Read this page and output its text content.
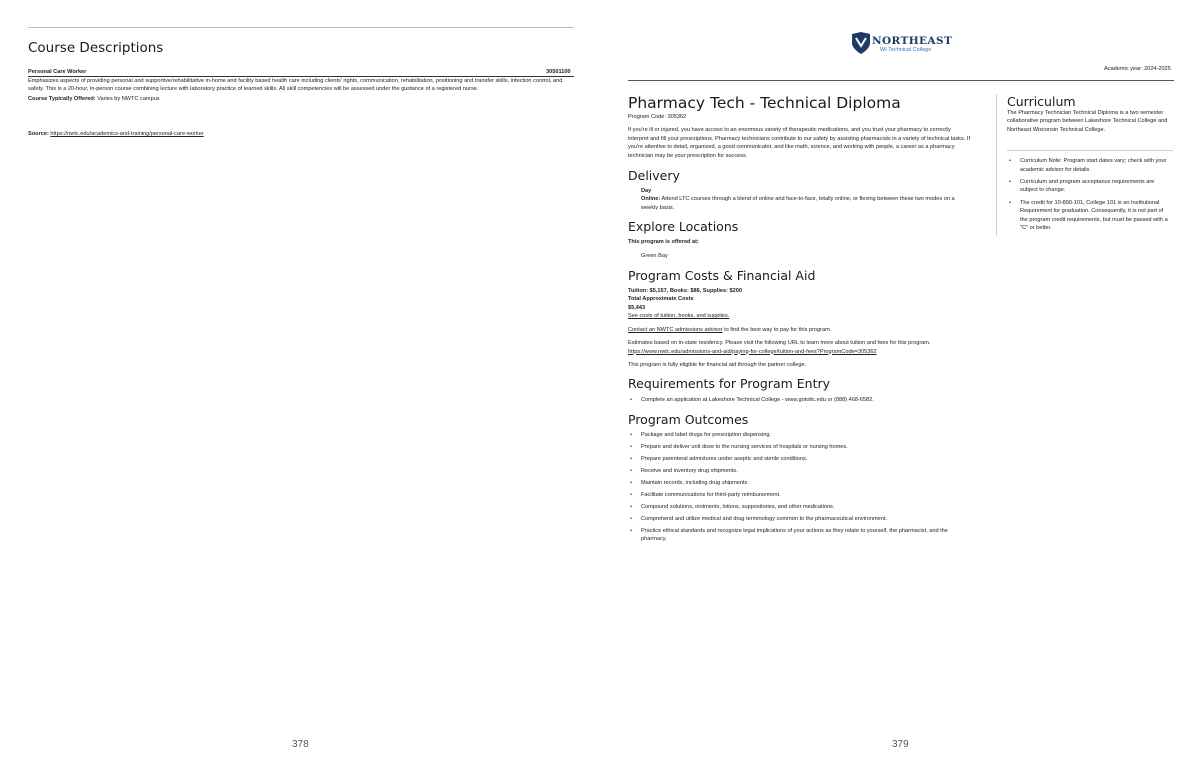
Course Descriptions
Personal Care Worker	30501100
Emphasizes aspects of providing personal and supportive/rehabilitative in-home and facility based health care including clients' rights, communication, rehabilitation, positioning and transfer skills, infection control, and safety. This is a 20-hour, in-person course combining lecture with laboratory practice of learned skills. All skill competencies will be assessed under the guidance of a registered nurse.
Course Typically Offered: Varies by NWTC campus
Source: https://nwtc.edu/academics-and-training/personal-care-worker
378
NORTHEAST
WI Technical College
Academic year: 2024-2025
Pharmacy Tech - Technical Diploma
Program Code: 305362
If you're ill or injured, you have access to an enormous variety of therapeutic medications, and you trust your pharmacy to correctly interpret and fill your prescriptions. Pharmacy technicians contribute to our safety by assisting pharmacists in a variety of technical tasks. If you're attentive to detail, organized, a good communicator, and like math, science, and working with people, a career as a pharmacy technician may be your prescription for success.
Delivery
Day
Online: Attend LTC courses through a blend of online and face-to-face, totally online, or flexing between these two modes on a weekly basis.
Explore Locations
This program is offered at:
Green Bay
Program Costs & Financial Aid
Tuition: $5,157, Books: $86, Supplies: $200
Total Approximate Costs
$5,443
See costs of tuition, books, and supplies.
Contact an NWTC admissions advisor to find the best way to pay for this program.
Estimates based on in-state residency. Please visit the following URL to learn more about tuition and fees for this program.
https://www.nwtc.edu/admissions-and-aid/paying-for-college/tuition-and-fees?ProgramCode=305362
This program is fully eligible for financial aid through the partner college.
Requirements for Program Entry
• Complete an application at Lakeshore Technical College - www.gotoltc.edu or (888) 468-6582.
Program Outcomes
• Package and label drugs for prescription dispensing.
• Prepare and deliver unit dose to the nursing services of hospitals or nursing homes.
• Prepare parenteral admixtures under aseptic and sterile conditions.
• Receive and inventory drug shipments.
• Maintain records, including drug shipments.
• Facilitate communications for third-party reimbursement.
• Compound solutions, ointments, lotions, suppositories, and other medications.
• Comprehend and utilize medical and drug terminology common to the pharmaceutical environment.
• Practice ethical standards and recognize legal implications of your actions as they relate to yourself, the pharmacist, and the pharmacy.
Curriculum
The Pharmacy Technician Technical Diploma is a two semester collaborative program between Lakeshore Technical College and Northeast Wisconsin Technical College.
• Curriculum Note: Program start dates vary; check with your academic advisor for details.
• Curriculum and program acceptance requirements are subject to change.
• The credit for 10-890-101, College 101 is an Institutional Requirement for graduation. Consequently, it is not part of the program credit requirements, but must be passed with a "C" or better.
379
